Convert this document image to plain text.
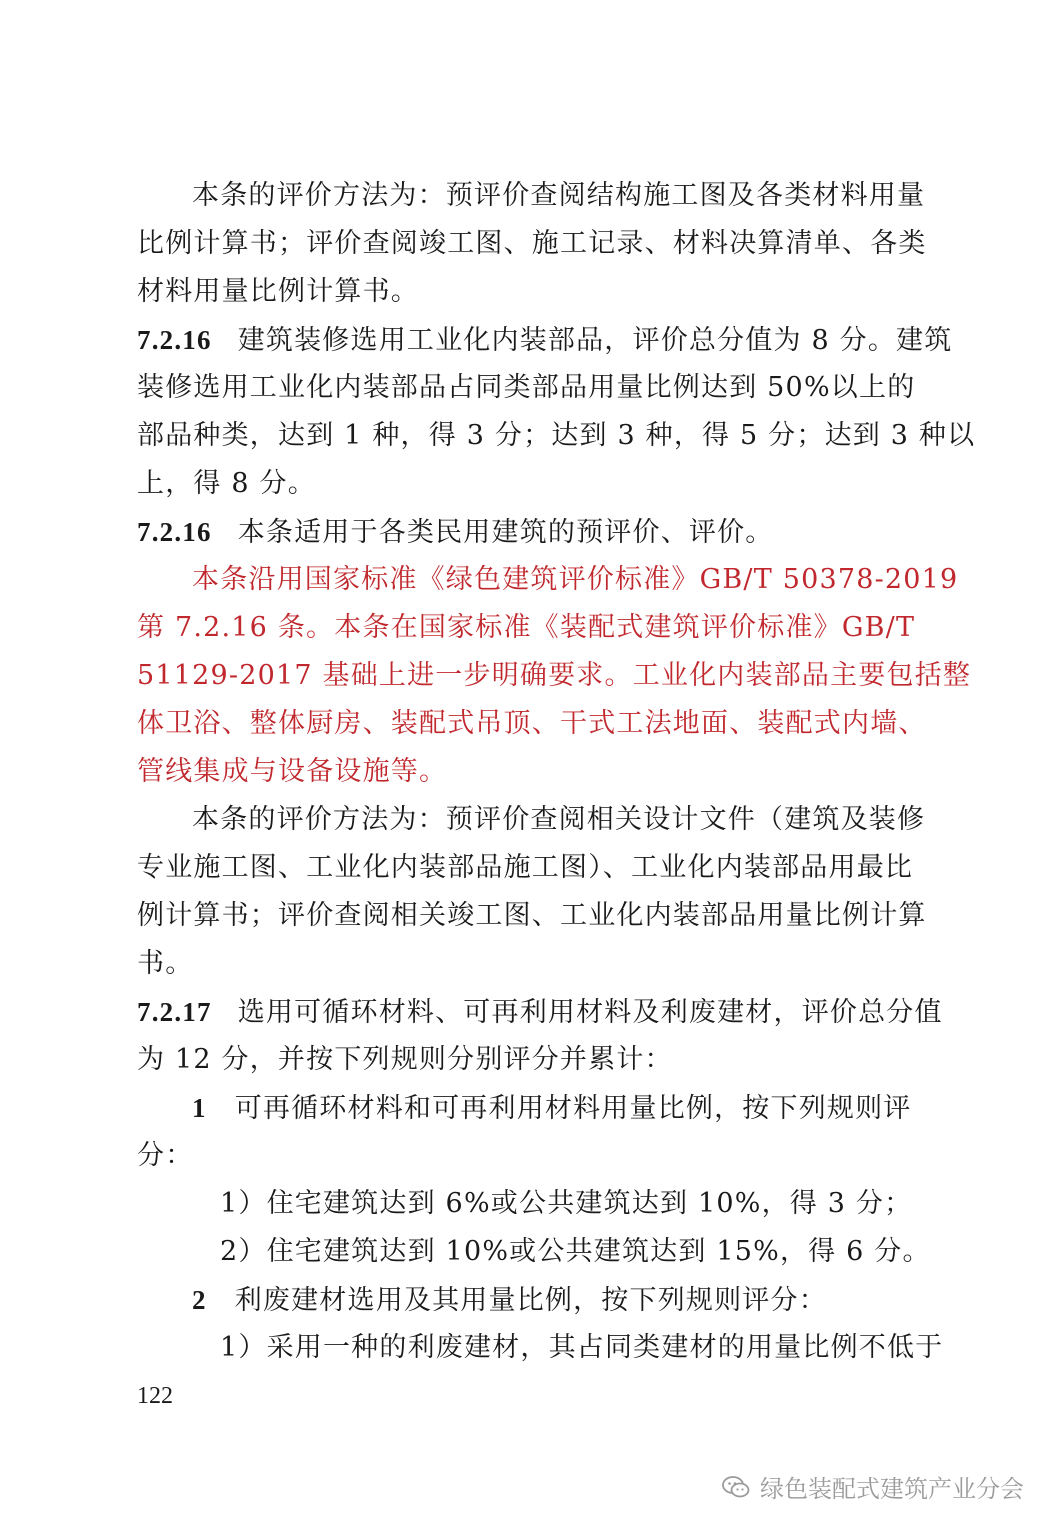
本条的评价方法为：预评价查阅结构施工图及各类材料用量
比例计算书；评价查阅竣工图、施工记录、材料决算清单、各类
材料用量比例计算书。
7.2.16 建筑装修选用工业化内装部品，评价总分值为 8 分。建筑
装修选用工业化内装部品占同类部品用量比例达到 50%以上的
部品种类，达到 1 种，得 3 分；达到 3 种，得 5 分；达到 3 种以
上，得 8 分。
7.2.16 本条适用于各类民用建筑的预评价、评价。
本条沿用国家标准《绿色建筑评价标准》GB/T 50378-2019
第 7.2.16 条。本条在国家标准《装配式建筑评价标准》GB/T
51129-2017 基础上进一步明确要求。工业化内装部品主要包括整
体卫浴、整体厨房、装配式吊顶、干式工法地面、装配式内墙、
管线集成与设备设施等。
本条的评价方法为：预评价查阅相关设计文件（建筑及装修
专业施工图、工业化内装部品施工图）、工业化内装部品用最比
例计算书；评价查阅相关竣工图、工业化内装部品用量比例计算
书。
7.2.17 选用可循环材料、可再利用材料及利废建材，评价总分值
为 12 分，并按下列规则分别评分并累计：
1 可再循环材料和可再利用材料用量比例，按下列规则评
分：
1）住宅建筑达到 6%或公共建筑达到 10%，得 3 分；
2）住宅建筑达到 10%或公共建筑达到 15%，得 6 分。
2 利废建材选用及其用量比例，按下列规则评分：
1）采用一种的利废建材，其占同类建材的用量比例不低于
122
绿色装配式建筑产业分会
